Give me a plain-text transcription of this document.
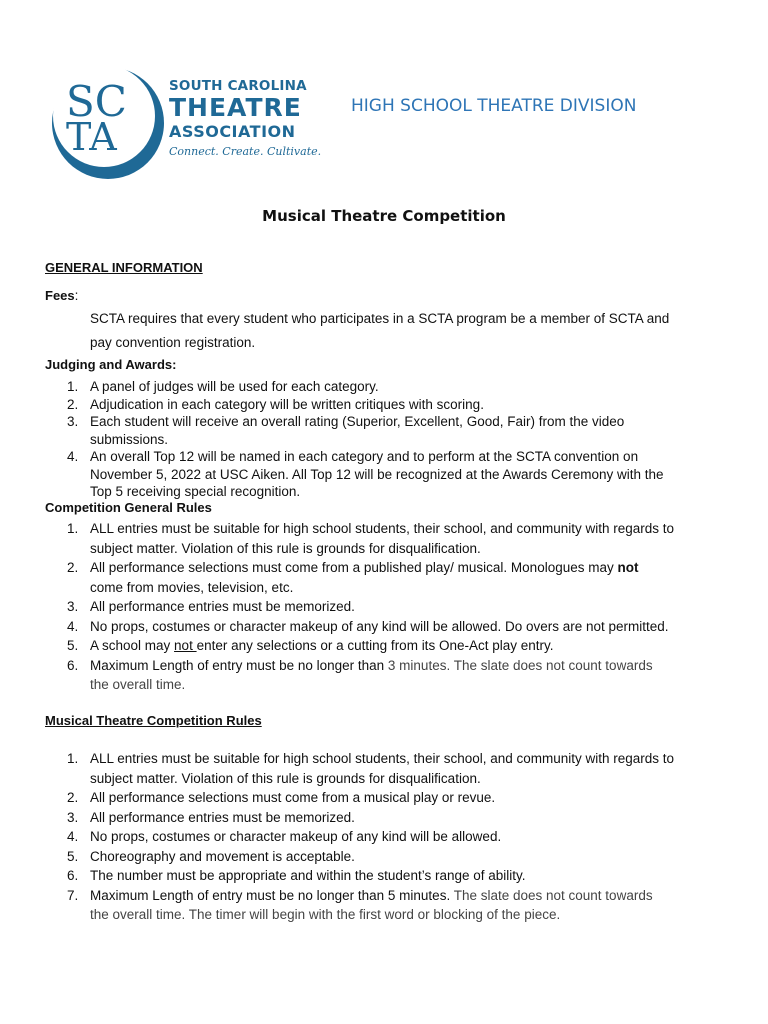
SC
TA
SOUTH CAROLINA
THEATRE
ASSOCIATION
Connect. Create. Cultivate.
HIGH SCHOOL THEATRE DIVISION
Musical Theatre Competition
GENERAL INFORMATION
Fees:
SCTA requires that every student who participates in a SCTA program be a member of SCTA and
pay convention registration.
Judging and Awards:
1. A panel of judges will be used for each category.
2. Adjudication in each category will be written critiques with scoring.
3. Each student will receive an overall rating (Superior, Excellent, Good, Fair) from the video
submissions.
4. An overall Top 12 will be named in each category and to perform at the SCTA convention on
November 5, 2022 at USC Aiken. All Top 12 will be recognized at the Awards Ceremony with the
Top 5 receiving special recognition.
Competition General Rules
1. ALL entries must be suitable for high school students, their school, and community with regards to
subject matter. Violation of this rule is grounds for disqualification.
2. All performance selections must come from a published play/ musical. Monologues may not
come from movies, television, etc.
3. All performance entries must be memorized.
4. No props, costumes or character makeup of any kind will be allowed. Do overs are not permitted.
5. A school may not enter any selections or a cutting from its One-Act play entry.
6. Maximum Length of entry must be no longer than 3 minutes. The slate does not count towards
the overall time.
Musical Theatre Competition Rules
1. ALL entries must be suitable for high school students, their school, and community with regards to
subject matter. Violation of this rule is grounds for disqualification.
2. All performance selections must come from a musical play or revue.
3. All performance entries must be memorized.
4. No props, costumes or character makeup of any kind will be allowed.
5. Choreography and movement is acceptable.
6. The number must be appropriate and within the student’s range of ability.
7. Maximum Length of entry must be no longer than 5 minutes. The slate does not count towards
the overall time. The timer will begin with the first word or blocking of the piece.
